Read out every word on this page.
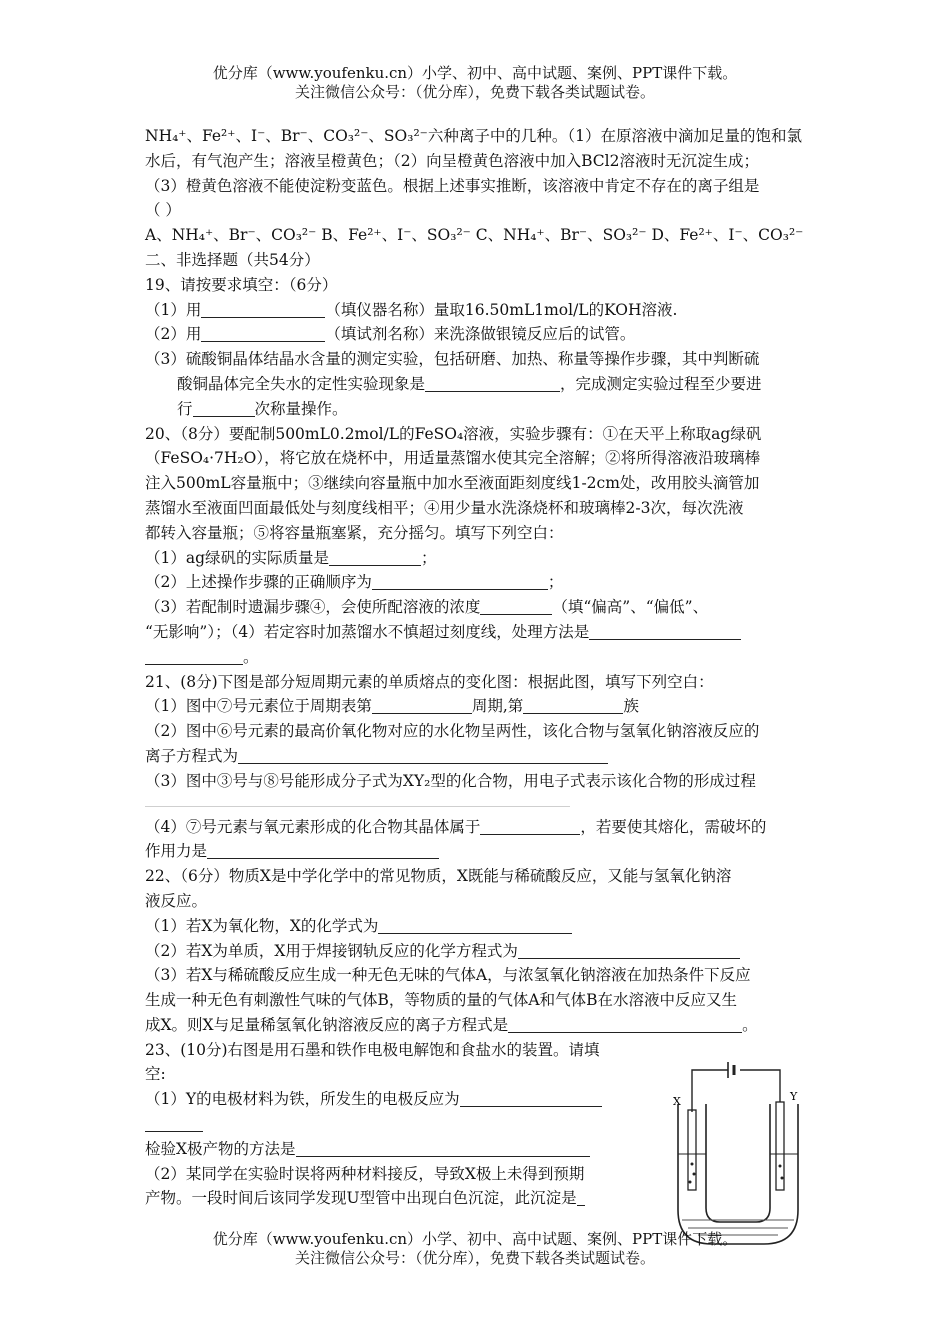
优分库（www.youfenku.cn）小学、初中、高中试题、案例、PPT课件下载。
关注微信公众号：（优分库），免费下载各类试题试卷。
NH₄⁺、Fe²⁺、I⁻、Br⁻、CO₃²⁻、SO₃²⁻六种离子中的几种。（1）在原溶液中滴加足量的饱和氯
水后，有气泡产生；溶液呈橙黄色；（2）向呈橙黄色溶液中加入BCl2溶液时无沉淀生成；
（3）橙黄色溶液不能使淀粉变蓝色。根据上述事实推断，该溶液中肯定不存在的离子组是
（ ）
A、NH₄⁺、Br⁻、CO₃²⁻ B、Fe²⁺、I⁻、SO₃²⁻ C、NH₄⁺、Br⁻、SO₃²⁻ D、Fe²⁺、I⁻、CO₃²⁻
二、非选择题（共54分）
19、请按要求填空：（6分）
（1）用	（填仪器名称）量取16.50mL1mol/L的KOH溶液.
（2）用	（填试剂名称）来洗涤做银镜反应后的试管。
（3）硫酸铜晶体结晶水含量的测定实验，包括研磨、加热、称量等操作步骤，其中判断硫
酸铜晶体完全失水的定性实验现象是	，完成测定实验过程至少要进
行	次称量操作。
20、（8分）要配制500mL0.2mol/L的FeSO₄溶液，实验步骤有：①在天平上称取ag绿矾
（FeSO₄·7H₂O），将它放在烧杯中，用适量蒸馏水使其完全溶解；②将所得溶液沿玻璃棒
注入500mL容量瓶中；③继续向容量瓶中加水至液面距刻度线1-2cm处，改用胶头滴管加
蒸馏水至液面凹面最低处与刻度线相平；④用少量水洗涤烧杯和玻璃棒2-3次，每次洗液
都转入容量瓶；⑤将容量瓶塞紧，充分摇匀。填写下列空白：
（1）ag绿矾的实际质量是	；
（2）上述操作步骤的正确顺序为	；
（3）若配制时遗漏步骤④，会使所配溶液的浓度	（填“偏高”、“偏低”、
“无影响”）；（4）若定容时加蒸馏水不慎超过刻度线，处理方法是
。
21、(8分)下图是部分短周期元素的单质熔点的变化图：根据此图，填写下列空白：
（1）图中⑦号元素位于周期表第	周期,第	族
（2）图中⑥号元素的最高价氧化物对应的水化物呈两性，该化合物与氢氧化钠溶液反应的
离子方程式为
（3）图中③号与⑧号能形成分子式为XY₂型的化合物，用电子式表示该化合物的形成过程
（4）⑦号元素与氧元素形成的化合物其晶体属于	，若要使其熔化，需破坏的
作用力是
22、（6分）物质X是中学化学中的常见物质，X既能与稀硫酸反应，又能与氢氧化钠溶
液反应。
（1）若X为氧化物，X的化学式为
（2）若X为单质，X用于焊接钢轨反应的化学方程式为
（3）若X与稀硫酸反应生成一种无色无味的气体A，与浓氢氧化钠溶液在加热条件下反应
生成一种无色有刺激性气味的气体B，等物质的量的气体A和气体B在水溶液中反应又生
成X。则X与足量稀氢氧化钠溶液反应的离子方程式是	。
23、(10分)右图是用石墨和铁作电极电解饱和食盐水的装置。请填
空:
（1）Y的电极材料为铁，所发生的电极反应为
检验X极产物的方法是
（2）某同学在实验时误将两种材料接反，导致X极上未得到预期
产物。一段时间后该同学发现U型管中出现白色沉淀，此沉淀是
X	Y
优分库（www.youfenku.cn）小学、初中、高中试题、案例、PPT课件下载。
关注微信公众号：（优分库），免费下载各类试题试卷。
